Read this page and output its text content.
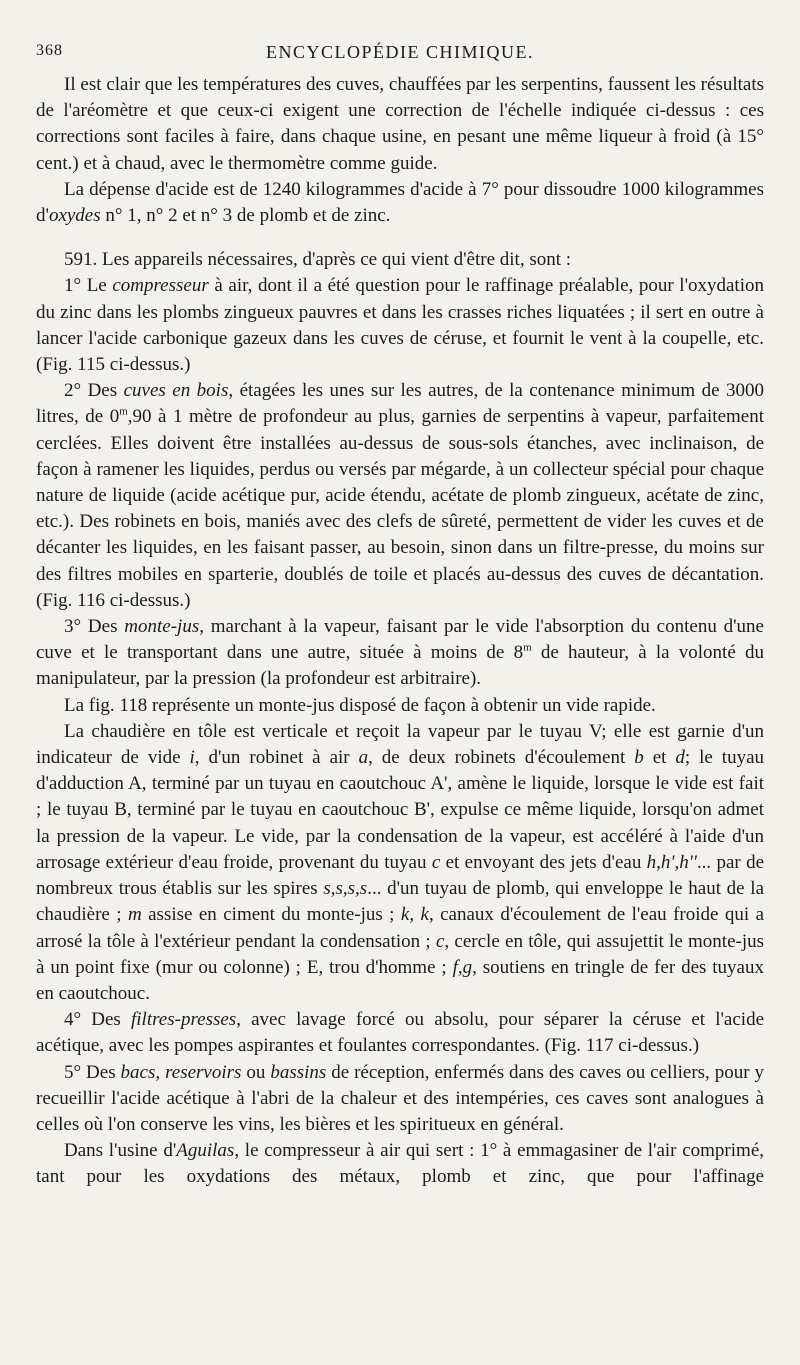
368	ENCYCLOPÉDIE CHIMIQUE.

Il est clair que les températures des cuves, chauffées par les serpentins, faussent les résultats de l'aréomètre et que ceux-ci exigent une correction de l'échelle indiquée ci-dessus : ces corrections sont faciles à faire, dans chaque usine, en pesant une même liqueur à froid (à 15° cent.) et à chaud, avec le thermomètre comme guide.

La dépense d'acide est de 1240 kilogrammes d'acide à 7° pour dissoudre 1000 kilogrammes d'oxydes n° 1, n° 2 et n° 3 de plomb et de zinc.

591. Les appareils nécessaires, d'après ce qui vient d'être dit, sont :

1° Le compresseur à air, dont il a été question pour le raffinage préalable, pour l'oxydation du zinc dans les plombs zingueux pauvres et dans les crasses riches liquatées ; il sert en outre à lancer l'acide carbonique gazeux dans les cuves de céruse, et fournit le vent à la coupelle, etc. (Fig. 115 ci-dessus.)

2° Des cuves en bois, étagées les unes sur les autres, de la contenance minimum de 3000 litres, de 0$^m$,90 à 1 mètre de profondeur au plus, garnies de serpentins à vapeur, parfaitement cerclées. Elles doivent être installées au-dessus de sous-sols étanches, avec inclinaison, de façon à ramener les liquides, perdus ou versés par mégarde, à un collecteur spécial pour chaque nature de liquide (acide acétique pur, acide étendu, acétate de plomb zingueux, acétate de zinc, etc.). Des robinets en bois, maniés avec des clefs de sûreté, permettent de vider les cuves et de décanter les liquides, en les faisant passer, au besoin, sinon dans un filtre-presse, du moins sur des filtres mobiles en sparterie, doublés de toile et placés au-dessus des cuves de décantation. (Fig. 116 ci-dessus.)

3° Des monte-jus, marchant à la vapeur, faisant par le vide l'absorption du contenu d'une cuve et le transportant dans une autre, située à moins de 8$^m$ de hauteur, à la volonté du manipulateur, par la pression (la profondeur est arbitraire).

La fig. 118 représente un monte-jus disposé de façon à obtenir un vide rapide.

La chaudière en tôle est verticale et reçoit la vapeur par le tuyau V; elle est garnie d'un indicateur de vide i, d'un robinet à air a, de deux robinets d'écoulement b et d; le tuyau d'adduction A, terminé par un tuyau en caoutchouc A', amène le liquide, lorsque le vide est fait ; le tuyau B, terminé par le tuyau en caoutchouc B', expulse ce même liquide, lorsqu'on admet la pression de la vapeur. Le vide, par la condensation de la vapeur, est accéléré à l'aide d'un arrosage extérieur d'eau froide, provenant du tuyau c et envoyant des jets d'eau h,h',h''... par de nombreux trous établis sur les spires s,s,s,s... d'un tuyau de plomb, qui enveloppe le haut de la chaudière ; m assise en ciment du monte-jus ; k, k, canaux d'écoulement de l'eau froide qui a arrosé la tôle à l'extérieur pendant la condensation ; c, cercle en tôle, qui assujettit le monte-jus à un point fixe (mur ou colonne) ; E, trou d'homme ; f,g, soutiens en tringle de fer des tuyaux en caoutchouc.

4° Des filtres-presses, avec lavage forcé ou absolu, pour séparer la céruse et l'acide acétique, avec les pompes aspirantes et foulantes correspondantes. (Fig. 117 ci-dessus.)

5° Des bacs, reservoirs ou bassins de réception, enfermés dans des caves ou celliers, pour y recueillir l'acide acétique à l'abri de la chaleur et des intempéries, ces caves sont analogues à celles où l'on conserve les vins, les bières et les spiritueux en général.

Dans l'usine d'Aguilas, le compresseur à air qui sert : 1° à emmagasiner de l'air comprimé, tant pour les oxydations des métaux, plomb et zinc, que pour l'affinage
